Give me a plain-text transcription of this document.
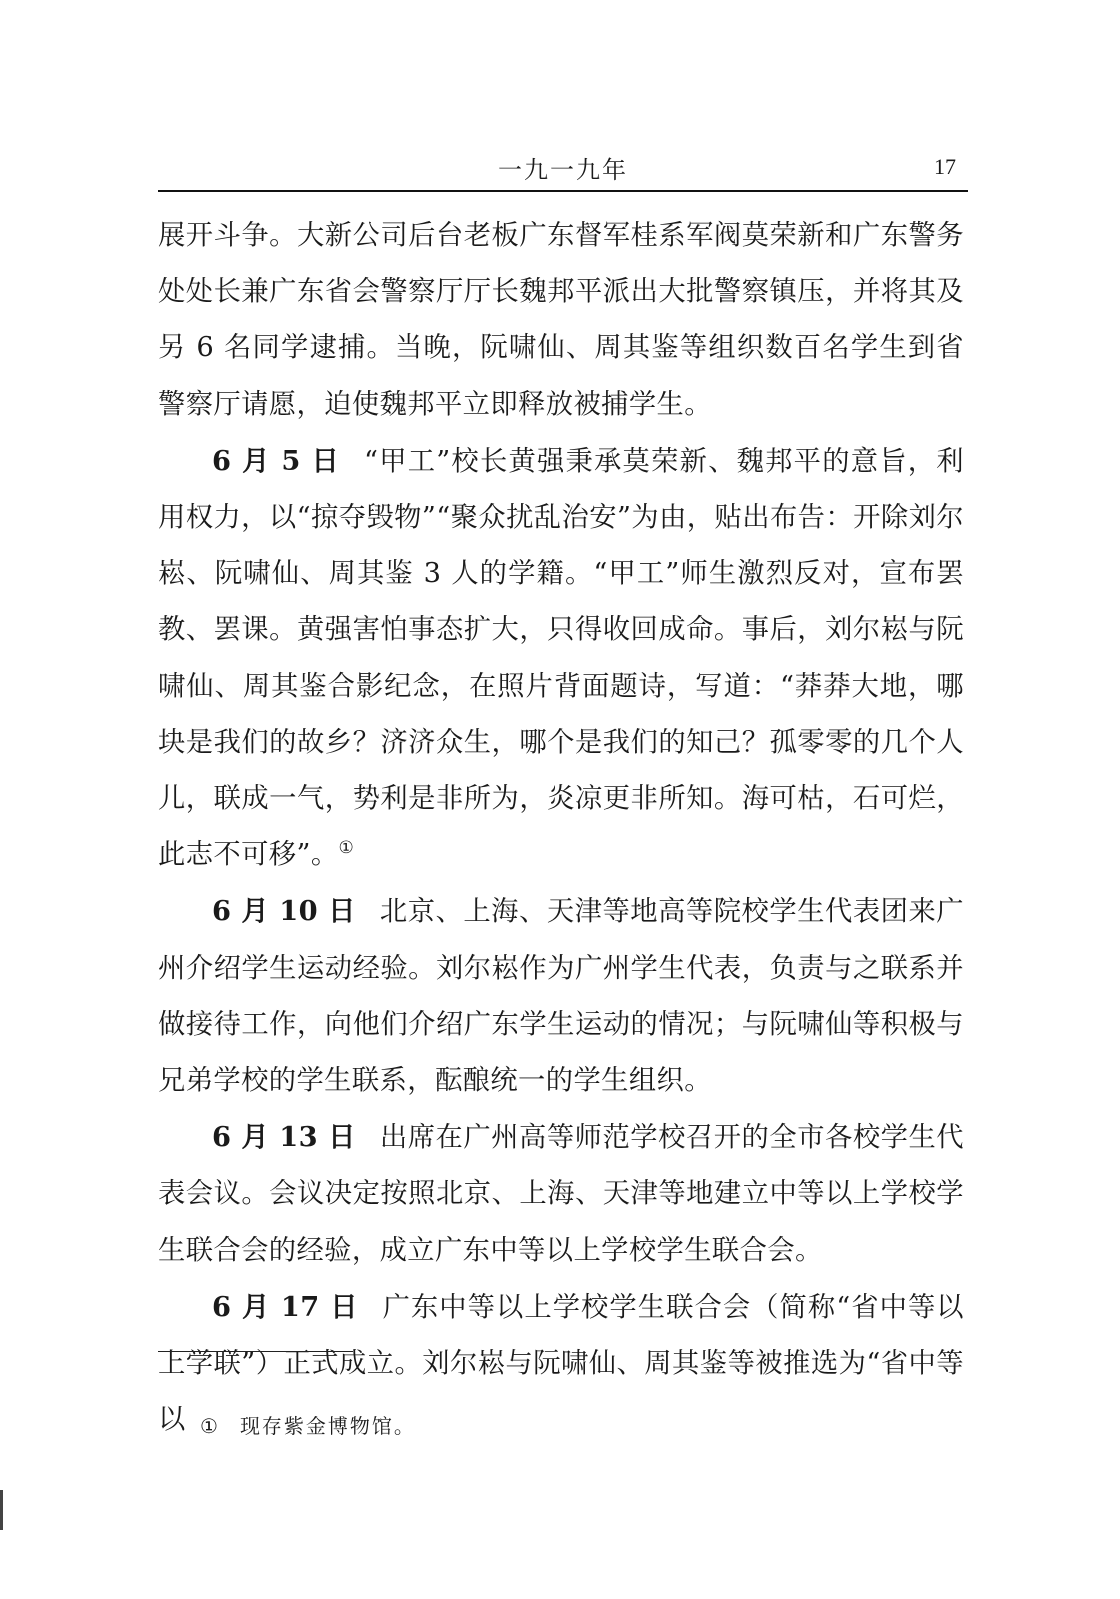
一九一九年	17

展开斗争。大新公司后台老板广东督军桂系军阀莫荣新和广东警务处处长兼广东省会警察厅厅长魏邦平派出大批警察镇压，并将其及另 6 名同学逮捕。当晚，阮啸仙、周其鉴等组织数百名学生到省警察厅请愿，迫使魏邦平立即释放被捕学生。

6 月 5 日 “甲工”校长黄强秉承莫荣新、魏邦平的意旨，利用权力，以“掠夺毁物”“聚众扰乱治安”为由，贴出布告：开除刘尔崧、阮啸仙、周其鉴 3 人的学籍。“甲工”师生激烈反对，宣布罢教、罢课。黄强害怕事态扩大，只得收回成命。事后，刘尔崧与阮啸仙、周其鉴合影纪念，在照片背面题诗，写道：“莽莽大地，哪块是我们的故乡？济济众生，哪个是我们的知己？孤零零的几个人儿，联成一气，势利是非所为，炎凉更非所知。海可枯，石可烂，此志不可移”。①

6 月 10 日 北京、上海、天津等地高等院校学生代表团来广州介绍学生运动经验。刘尔崧作为广州学生代表，负责与之联系并做接待工作，向他们介绍广东学生运动的情况；与阮啸仙等积极与兄弟学校的学生联系，酝酿统一的学生组织。

6 月 13 日 出席在广州高等师范学校召开的全市各校学生代表会议。会议决定按照北京、上海、天津等地建立中等以上学校学生联合会的经验，成立广东中等以上学校学生联合会。

6 月 17 日 广东中等以上学校学生联合会（简称“省中等以上学联”）正式成立。刘尔崧与阮啸仙、周其鉴等被推选为“省中等以 ① 现存紫金博物馆。
